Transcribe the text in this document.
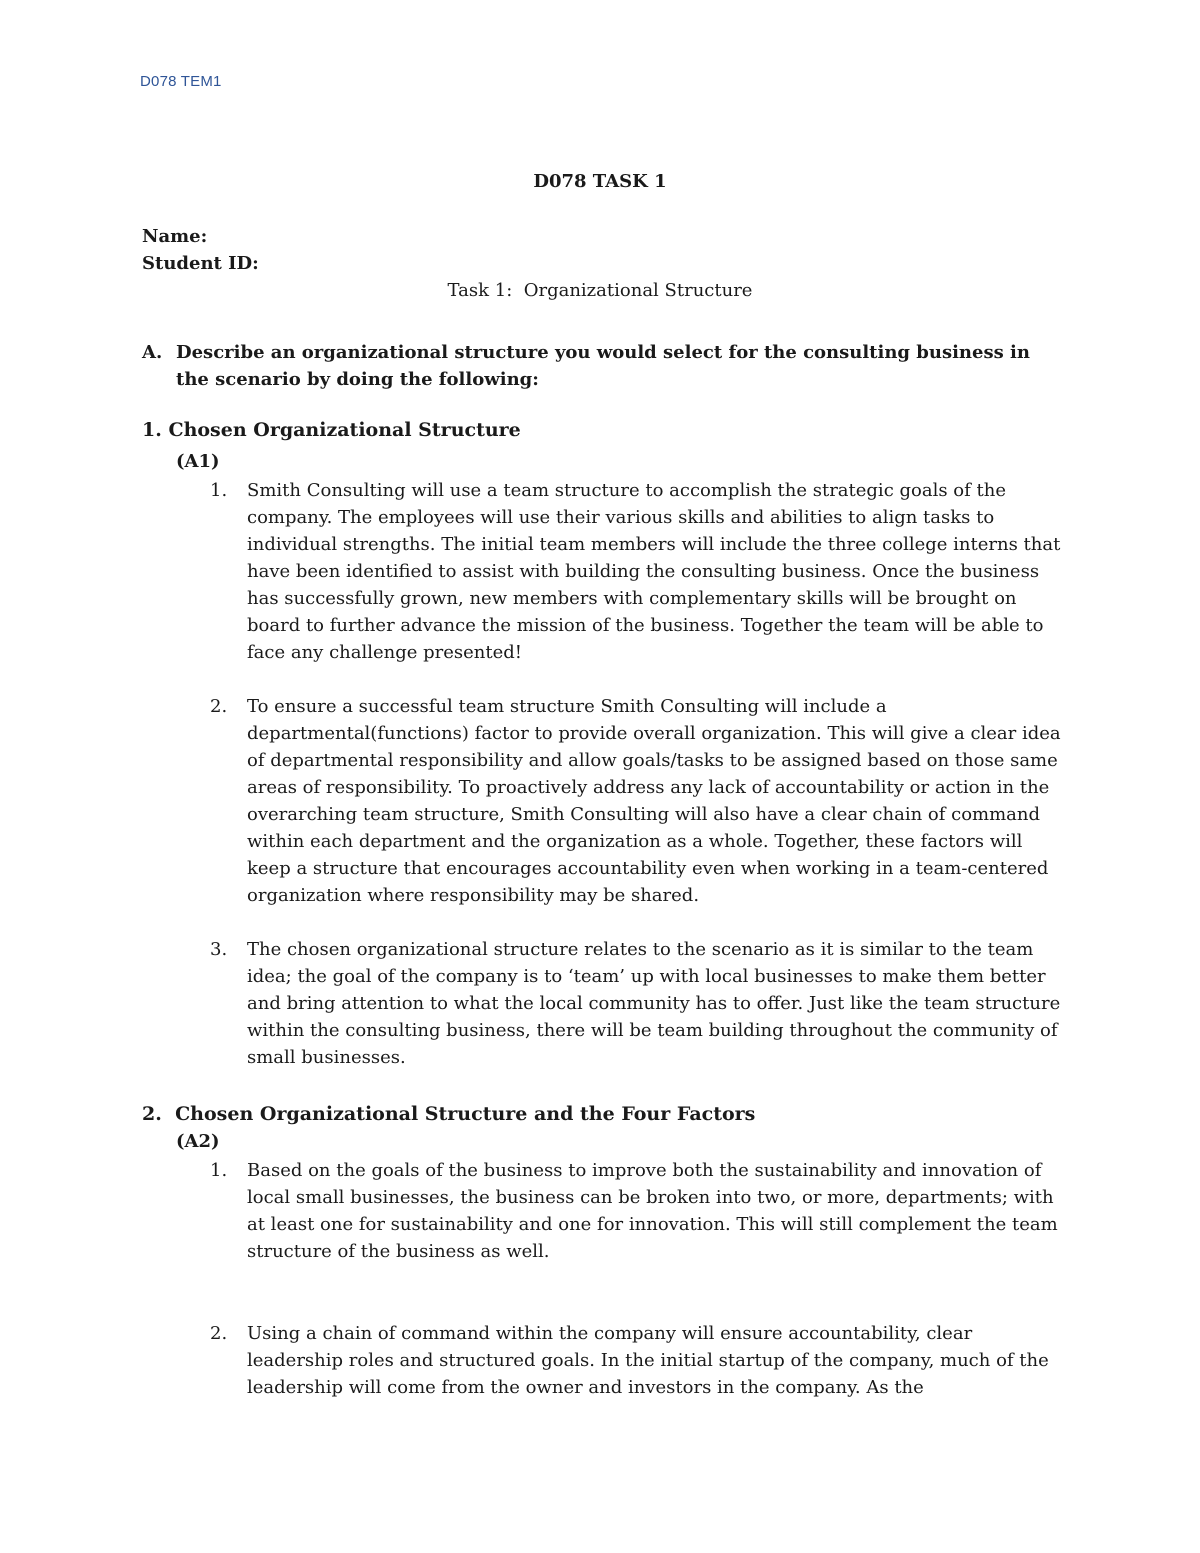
D078 TEM1
D078 TASK 1
Name:
Student ID:
Task 1:  Organizational Structure
A. Describe an organizational structure you would select for the consulting business in the scenario by doing the following:
1. Chosen Organizational Structure
(A1)
1. Smith Consulting will use a team structure to accomplish the strategic goals of the company. The employees will use their various skills and abilities to align tasks to individual strengths. The initial team members will include the three college interns that have been identified to assist with building the consulting business. Once the business has successfully grown, new members with complementary skills will be brought on board to further advance the mission of the business. Together the team will be able to face any challenge presented!
2. To ensure a successful team structure Smith Consulting will include a departmental(functions) factor to provide overall organization. This will give a clear idea of departmental responsibility and allow goals/tasks to be assigned based on those same areas of responsibility. To proactively address any lack of accountability or action in the overarching team structure, Smith Consulting will also have a clear chain of command within each department and the organization as a whole. Together, these factors will keep a structure that encourages accountability even when working in a team-centered organization where responsibility may be shared.
3. The chosen organizational structure relates to the scenario as it is similar to the team idea; the goal of the company is to ‘team’ up with local businesses to make them better and bring attention to what the local community has to offer. Just like the team structure within the consulting business, there will be team building throughout the community of small businesses.
2.  Chosen Organizational Structure and the Four Factors
(A2)
1. Based on the goals of the business to improve both the sustainability and innovation of local small businesses, the business can be broken into two, or more, departments; with at least one for sustainability and one for innovation. This will still complement the team structure of the business as well.
2. Using a chain of command within the company will ensure accountability, clear leadership roles and structured goals. In the initial startup of the company, much of the leadership will come from the owner and investors in the company. As the
